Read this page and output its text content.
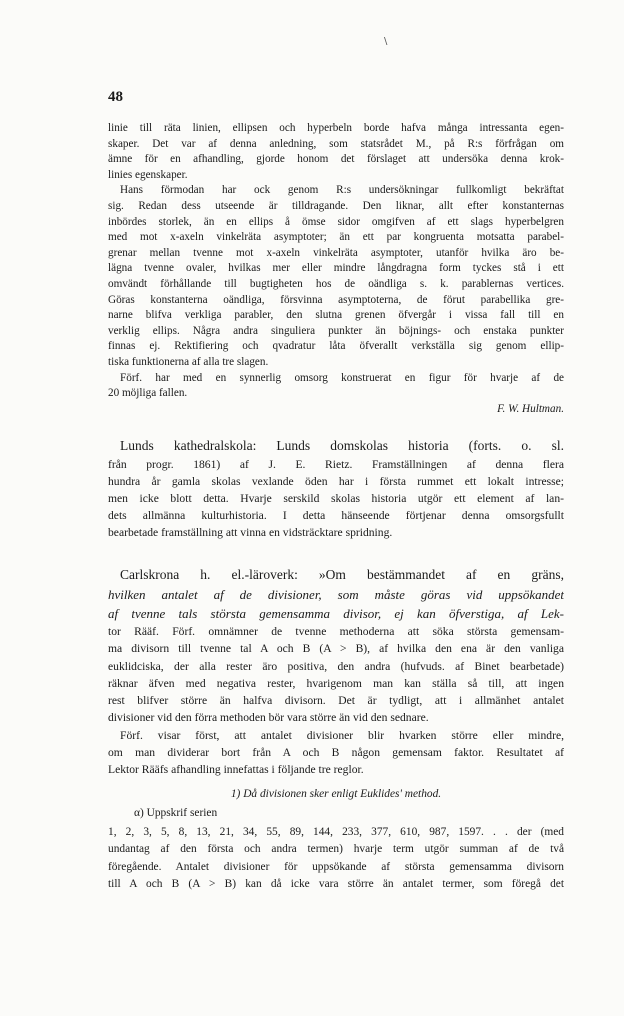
\
48
linie till räta linien, ellipsen och hyperbeln borde hafva många intressanta egen-
skaper. Det var af denna anledning, som statsrådet M., på R:s förfrågan om
ämne för en afhandling, gjorde honom det förslaget att undersöka denna krok-
linies egenskaper.
Hans förmodan har ock genom R:s undersökningar fullkomligt bekräftat
sig. Redan dess utseende är tilldragande. Den liknar, allt efter konstanternas
inbördes storlek, än en ellips å ömse sidor omgifven af ett slags hyperbelgren
med mot x-axeln vinkelräta asymptoter; än ett par kongruenta motsatta parabel-
grenar mellan tvenne mot x-axeln vinkelräta asymptoter, utanför hvilka äro be-
lägna tvenne ovaler, hvilkas mer eller mindre långdragna form tyckes stå i ett
omvändt förhållande till bugtigheten hos de oändliga s. k. parablernas vertices.
Göras konstanterna oändliga, försvinna asymptoterna, de förut parabellika gre-
narne blifva verkliga parabler, den slutna grenen öfvergår i vissa fall till en
verklig ellips. Några andra singuliera punkter än böjnings- och enstaka punkter
finnas ej. Rektifiering och qvadratur låta öfverallt verkställa sig genom ellip-
tiska funktionerna af alla tre slagen.
Förf. har med en synnerlig omsorg konstruerat en figur för hvarje af de
20 möjliga fallen.
F. W. Hultman.
Lunds kathedralskola: Lunds domskolas historia (forts. o. sl.
från progr. 1861) af J. E. Rietz. Framställningen af denna flera
hundra år gamla skolas vexlande öden har i första rummet ett lokalt intresse;
men icke blott detta. Hvarje serskild skolas historia utgör ett element af lan-
dets allmänna kulturhistoria. I detta hänseende förtjenar denna omsorgsfullt
bearbetade framställning att vinna en vidsträcktare spridning.
Carlskrona h. el.-läroverk: »Om bestämmandet af en gräns,
hvilken antalet af de divisioner, som måste göras vid uppsökandet
af tvenne tals största gemensamma divisor, ej kan öfverstiga, af Lek-
tor Rääf. Förf. omnämner de tvenne methoderna att söka största gemensam-
ma divisorn till tvenne tal A och B (A > B), af hvilka den ena är den vanliga
euklidciska, der alla rester äro positiva, den andra (hufvuds. af Binet bearbetade)
räknar äfven med negativa rester, hvarigenom man kan ställa så till, att ingen
rest blifver större än halfva divisorn. Det är tydligt, att i allmänhet antalet
divisioner vid den förra methoden bör vara större än vid den sednare.
Förf. visar först, att antalet divisioner blir hvarken större eller mindre,
om man dividerar bort från A och B någon gemensam faktor. Resultatet af
Lektor Rääfs afhandling innefattas i följande tre reglor.
1) Då divisionen sker enligt Euklides' method.
α) Uppskrif serien
1, 2, 3, 5, 8, 13, 21, 34, 55, 89, 144, 233, 377, 610, 987, 1597. . . der (med
undantag af den första och andra termen) hvarje term utgör summan af de två
föregående. Antalet divisioner för uppsökande af största gemensamma divisorn
till A och B (A > B) kan då icke vara större än antalet termer, som föregå det
